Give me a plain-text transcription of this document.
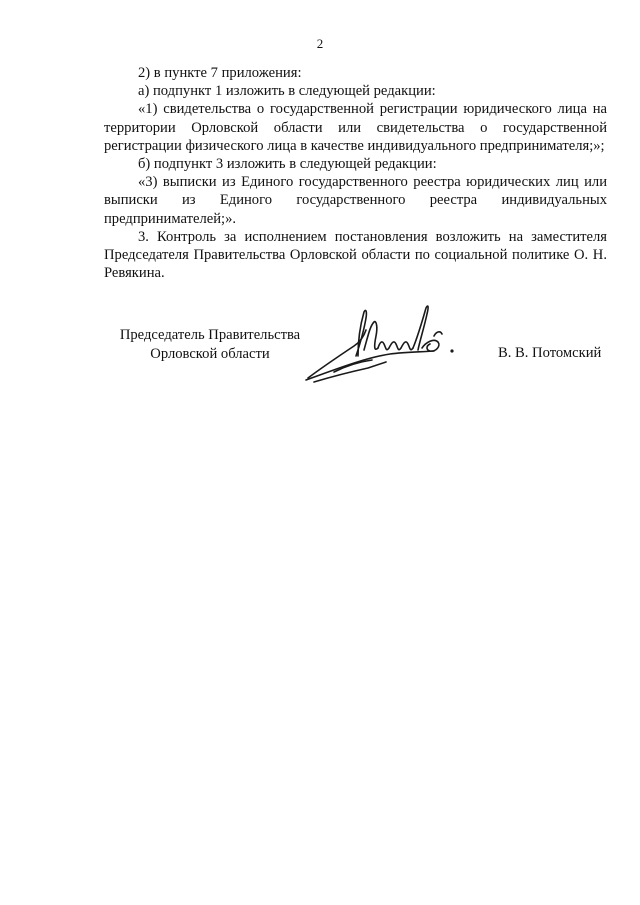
2

2) в пункте 7 приложения:

а) подпункт 1 изложить в следующей редакции:

«1) свидетельства о государственной регистрации юридического лица на территории Орловской области или свидетельства о государственной регистрации физического лица в качестве индивидуального предпринимателя;»;

б) подпункт 3 изложить в следующей редакции:

«3) выписки из Единого государственного реестра юридических лиц или выписки из Единого государственного реестра индивидуальных предпринимателей;».

3. Контроль за исполнением постановления возложить на заместителя Председателя Правительства Орловской области по социальной политике О. Н. Ревякина.

Председатель Правительства
Орловской области	В. В. Потомский
